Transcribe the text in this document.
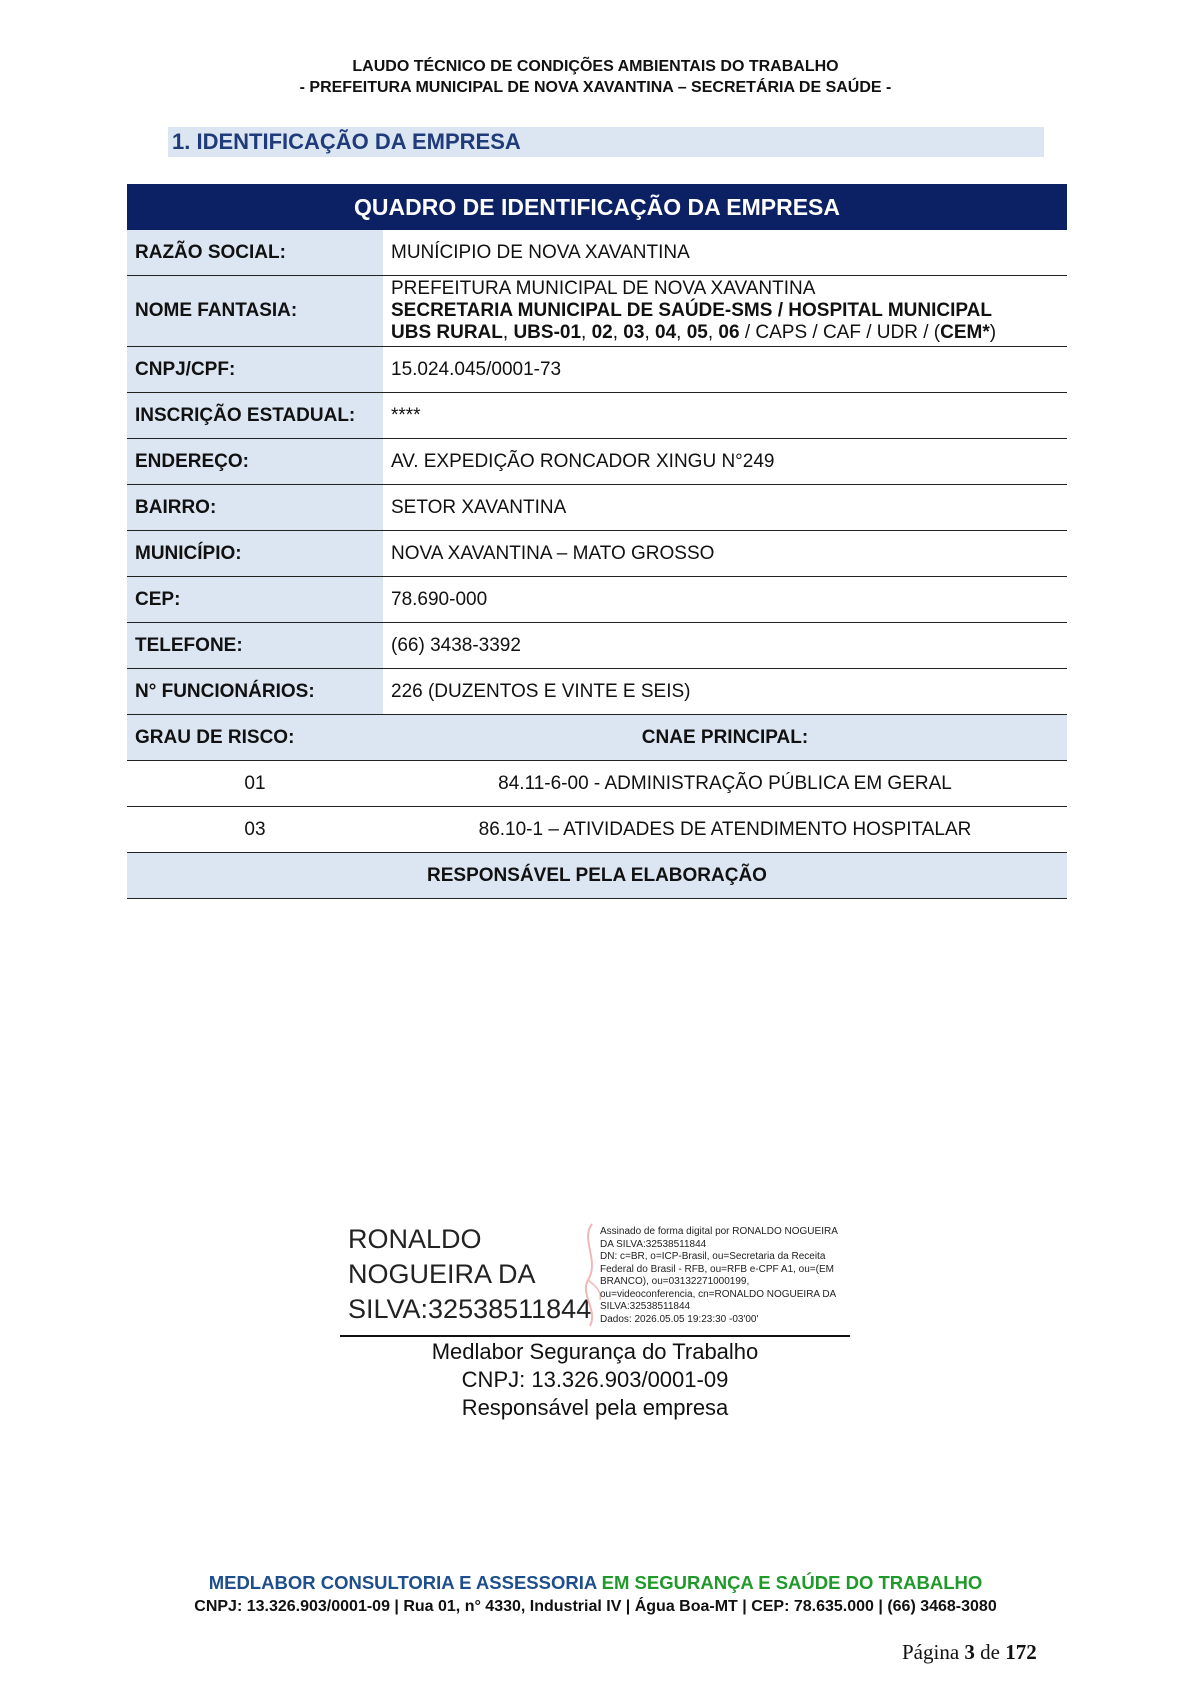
LAUDO TÉCNICO DE CONDIÇÕES AMBIENTAIS DO TRABALHO
- PREFEITURA MUNICIPAL DE NOVA XAVANTINA – SECRETÁRIA DE SAÚDE -
1. IDENTIFICAÇÃO DA EMPRESA
QUADRO DE IDENTIFICAÇÃO DA EMPRESA	
RAZÃO SOCIAL:	MUNÍCIPIO DE NOVA XAVANTINA
NOME FANTASIA:	PREFEITURA MUNICIPAL DE NOVA XAVANTINA
SECRETARIA MUNICIPAL DE SAÚDE-SMS / HOSPITAL MUNICIPAL
UBS RURAL, UBS-01, 02, 03, 04, 05, 06 / CAPS / CAF / UDR / (CEM*)

CNPJ/CPF:	15.024.045/0001-73
INSCRIÇÃO ESTADUAL:	****
ENDEREÇO:	AV. EXPEDIÇÃO RONCADOR XINGU N°249
BAIRRO:	SETOR XAVANTINA
MUNICÍPIO:	NOVA XAVANTINA – MATO GROSSO
CEP:	78.690-000
TELEFONE:	(66) 3438-3392
N° FUNCIONÁRIOS:	226 (DUZENTOS E VINTE E SEIS)
GRAU DE RISCO:	CNAE PRINCIPAL:
01	84.11-6-00 - ADMINISTRAÇÃO PÚBLICA EM GERAL
03	86.10-1 – ATIVIDADES DE ATENDIMENTO HOSPITALAR
RESPONSÁVEL PELA ELABORAÇÃO	
RONALDO
NOGUEIRA DA
SILVA:32538511844
Assinado de forma digital por RONALDO NOGUEIRA
DA SILVA:32538511844
DN: c=BR, o=ICP-Brasil, ou=Secretaria da Receita
Federal do Brasil - RFB, ou=RFB e-CPF A1, ou=(EM
BRANCO), ou=03132271000199,
ou=videoconferencia, cn=RONALDO NOGUEIRA DA
SILVA:32538511844
Dados: 2026.05.05 19:23:30 -03'00'
Medlabor Segurança do Trabalho
CNPJ: 13.326.903/0001-09
Responsável pela empresa
MEDLABOR CONSULTORIA E ASSESSORIA EM SEGURANÇA E SAÚDE DO TRABALHO
CNPJ: 13.326.903/0001-09 | Rua 01, n° 4330, Industrial IV | Água Boa-MT | CEP: 78.635.000 | (66) 3468-3080
Página 3 de 172
